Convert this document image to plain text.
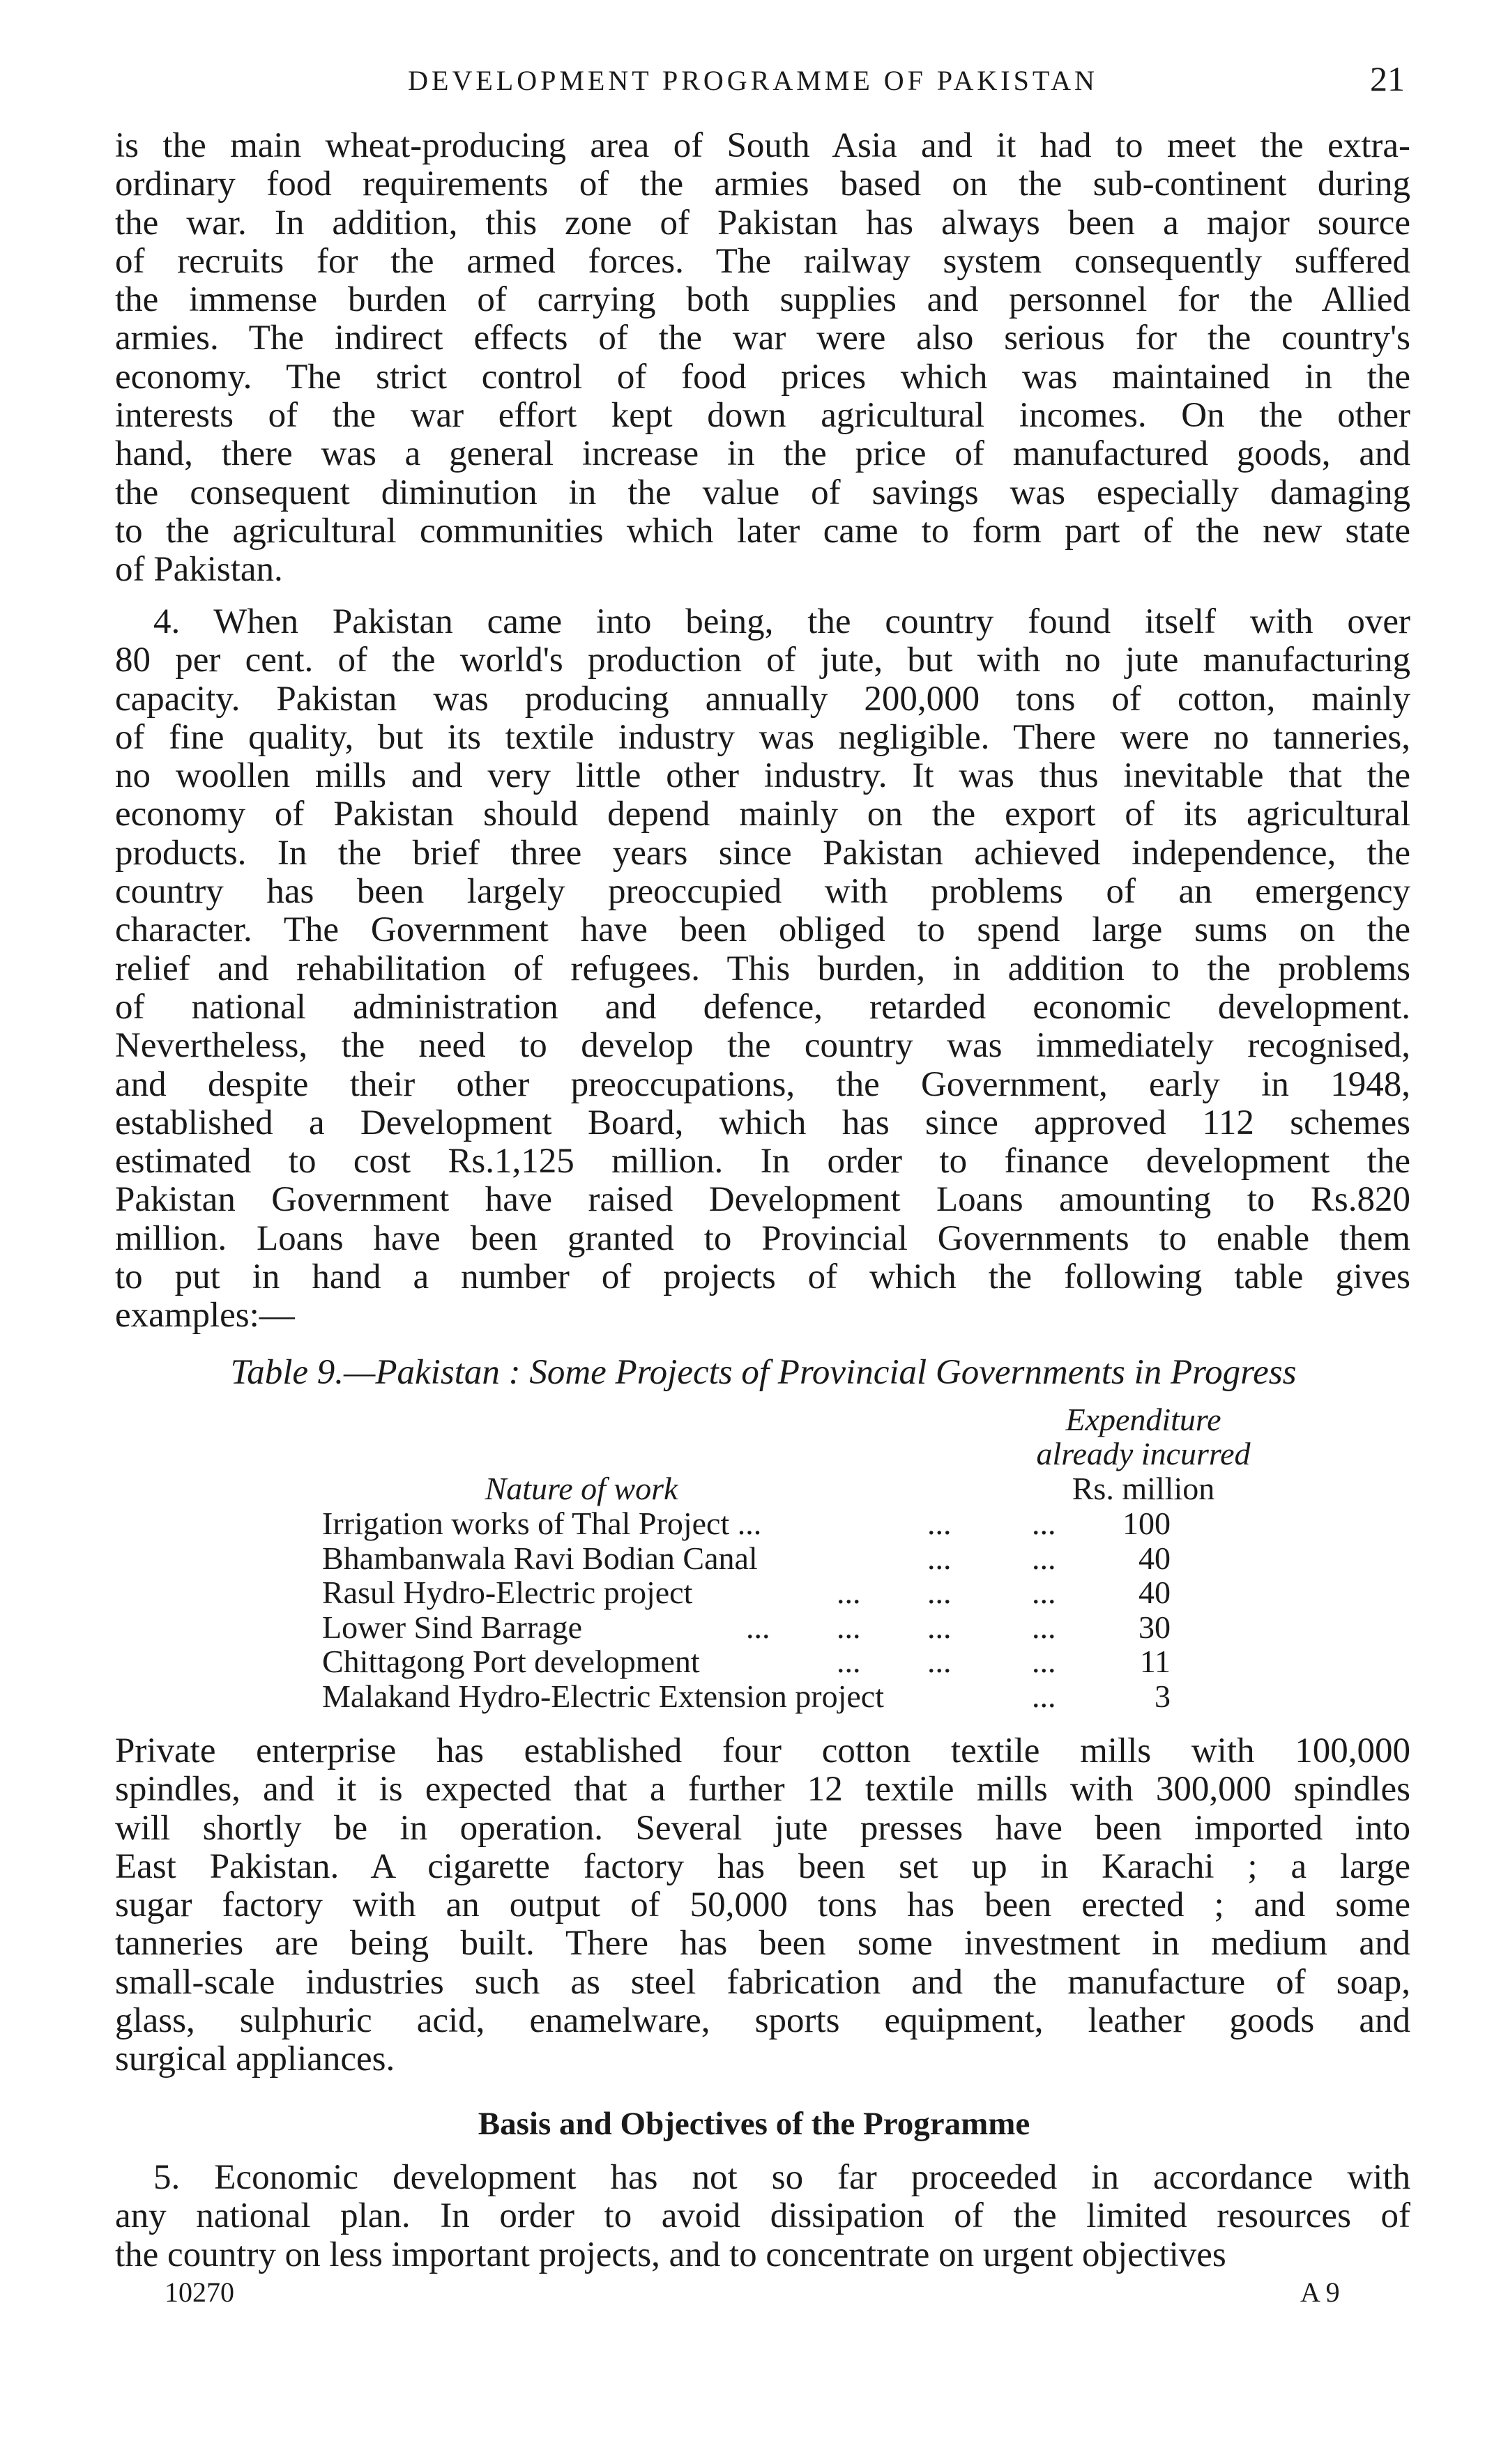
DEVELOPMENT PROGRAMME OF PAKISTAN	21
is the main wheat-producing area of South Asia and it had to meet the extra-
ordinary food requirements of the armies based on the sub-continent during
the war. In addition, this zone of Pakistan has always been a major source
of recruits for the armed forces. The railway system consequently suffered
the immense burden of carrying both supplies and personnel for the Allied
armies. The indirect effects of the war were also serious for the country's
economy. The strict control of food prices which was maintained in the
interests of the war effort kept down agricultural incomes. On the other
hand, there was a general increase in the price of manufactured goods, and
the consequent diminution in the value of savings was especially damaging
to the agricultural communities which later came to form part of the new state
of Pakistan.
4. When Pakistan came into being, the country found itself with over
80 per cent. of the world's production of jute, but with no jute manufacturing
capacity. Pakistan was producing annually 200,000 tons of cotton, mainly
of fine quality, but its textile industry was negligible. There were no tanneries,
no woollen mills and very little other industry. It was thus inevitable that the
economy of Pakistan should depend mainly on the export of its agricultural
products. In the brief three years since Pakistan achieved independence, the
country has been largely preoccupied with problems of an emergency
character. The Government have been obliged to spend large sums on the
relief and rehabilitation of refugees. This burden, in addition to the problems
of national administration and defence, retarded economic development.
Nevertheless, the need to develop the country was immediately recognised,
and despite their other preoccupations, the Government, early in 1948,
established a Development Board, which has since approved 112 schemes
estimated to cost Rs.1,125 million. In order to finance development the
Pakistan Government have raised Development Loans amounting to Rs.820
million. Loans have been granted to Provincial Governments to enable them
to put in hand a number of projects of which the following table gives
examples:—
Table 9.—Pakistan : Some Projects of Provincial Governments in Progress
Expenditure
already incurred
Rs. million
Nature of work
Irrigation works of Thal Project ...	...	... 100
Bhambanwala Ravi Bodian Canal	...	...	40
Rasul Hydro-Electric project	... ...	...	40
Lower Sind Barrage	... ... ...	...	30
Chittagong Port development	... ...	...	11
Malakand Hydro-Electric Extension project	...	3
Private enterprise has established four cotton textile mills with 100,000
spindles, and it is expected that a further 12 textile mills with 300,000 spindles
will shortly be in operation. Several jute presses have been imported into
East Pakistan. A cigarette factory has been set up in Karachi ; a large
sugar factory with an output of 50,000 tons has been erected ; and some
tanneries are being built. There has been some investment in medium and
small-scale industries such as steel fabrication and the manufacture of soap,
glass, sulphuric acid, enamelware, sports equipment, leather goods and
surgical appliances.
Basis and Objectives of the Programme
5. Economic development has not so far proceeded in accordance with
any national plan. In order to avoid dissipation of the limited resources of
the country on less important projects, and to concentrate on urgent objectives
10270	A 9
